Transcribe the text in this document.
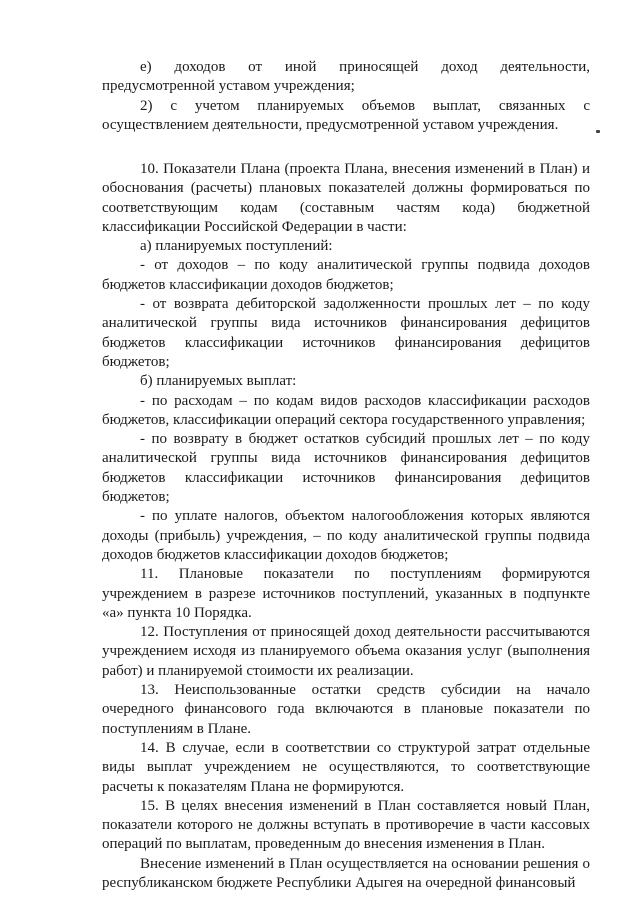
е) доходов от иной приносящей доход деятельности, предусмотренной уставом учреждения;

2) с учетом планируемых объемов выплат, связанных с осуществлением деятельности, предусмотренной уставом учреждения.

10. Показатели Плана (проекта Плана, внесения изменений в План) и обоснования (расчеты) плановых показателей должны формироваться по соответствующим кодам (составным частям кода) бюджетной классификации Российской Федерации в части:

а) планируемых поступлений:

- от доходов – по коду аналитической группы подвида доходов бюджетов классификации доходов бюджетов;

- от возврата дебиторской задолженности прошлых лет – по коду аналитической группы вида источников финансирования дефицитов бюджетов классификации источников финансирования дефицитов бюджетов;

б) планируемых выплат:

- по расходам – по кодам видов расходов классификации расходов бюджетов, классификации операций сектора государственного управления;

- по возврату в бюджет остатков субсидий прошлых лет – по коду аналитической группы вида источников финансирования дефицитов бюджетов классификации источников финансирования дефицитов бюджетов;

- по уплате налогов, объектом налогообложения которых являются доходы (прибыль) учреждения, – по коду аналитической группы подвида доходов бюджетов классификации доходов бюджетов;

11. Плановые показатели по поступлениям формируются учреждением в разрезе источников поступлений, указанных в подпункте «а» пункта 10 Порядка.

12. Поступления от приносящей доход деятельности рассчитываются учреждением исходя из планируемого объема оказания услуг (выполнения работ) и планируемой стоимости их реализации.

13. Неиспользованные остатки средств субсидии на начало очередного финансового года включаются в плановые показатели по поступлениям в Плане.

14. В случае, если в соответствии со структурой затрат отдельные виды выплат учреждением не осуществляются, то соответствующие расчеты к показателям Плана не формируются.

15. В целях внесения изменений в План составляется новый План, показатели которого не должны вступать в противоречие в части кассовых операций по выплатам, проведенным до внесения изменения в План.

Внесение изменений в План осуществляется на основании решения о республиканском бюджете Республики Адыгея на очередной финансовый
